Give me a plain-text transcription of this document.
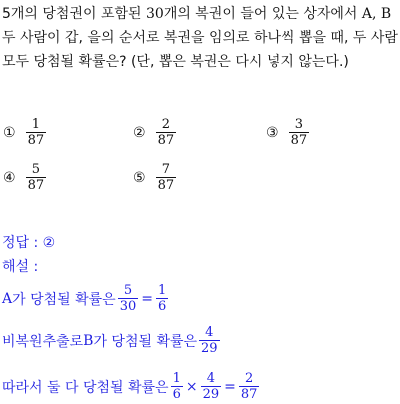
5개의 당첨권이 포함된 30개의 복권이 들어 있는 상자에서 A, B
두 사람이 갑, 을의 순서로 복권을 임의로 하나씩 뽑을 때, 두 사람
모두 당첨될 확률은? (단, 뽑은 복권은 다시 넣지 않는다.)
① $\frac{1}{87}$	② $\frac{2}{87}$	③ $\frac{3}{87}$
④ $\frac{5}{87}$	⑤ $\frac{7}{87}$
정답 : ②
해설 :
A 가 당첨될 확률은 $\frac{5}{30} = \frac{1}{6}$
비복원추출로 B 가 당첨될 확률은 $\frac{4}{29}$
따라서 둘 다 당첨될 확률은 $\frac{1}{6} \times \frac{4}{29} = \frac{2}{87}$
